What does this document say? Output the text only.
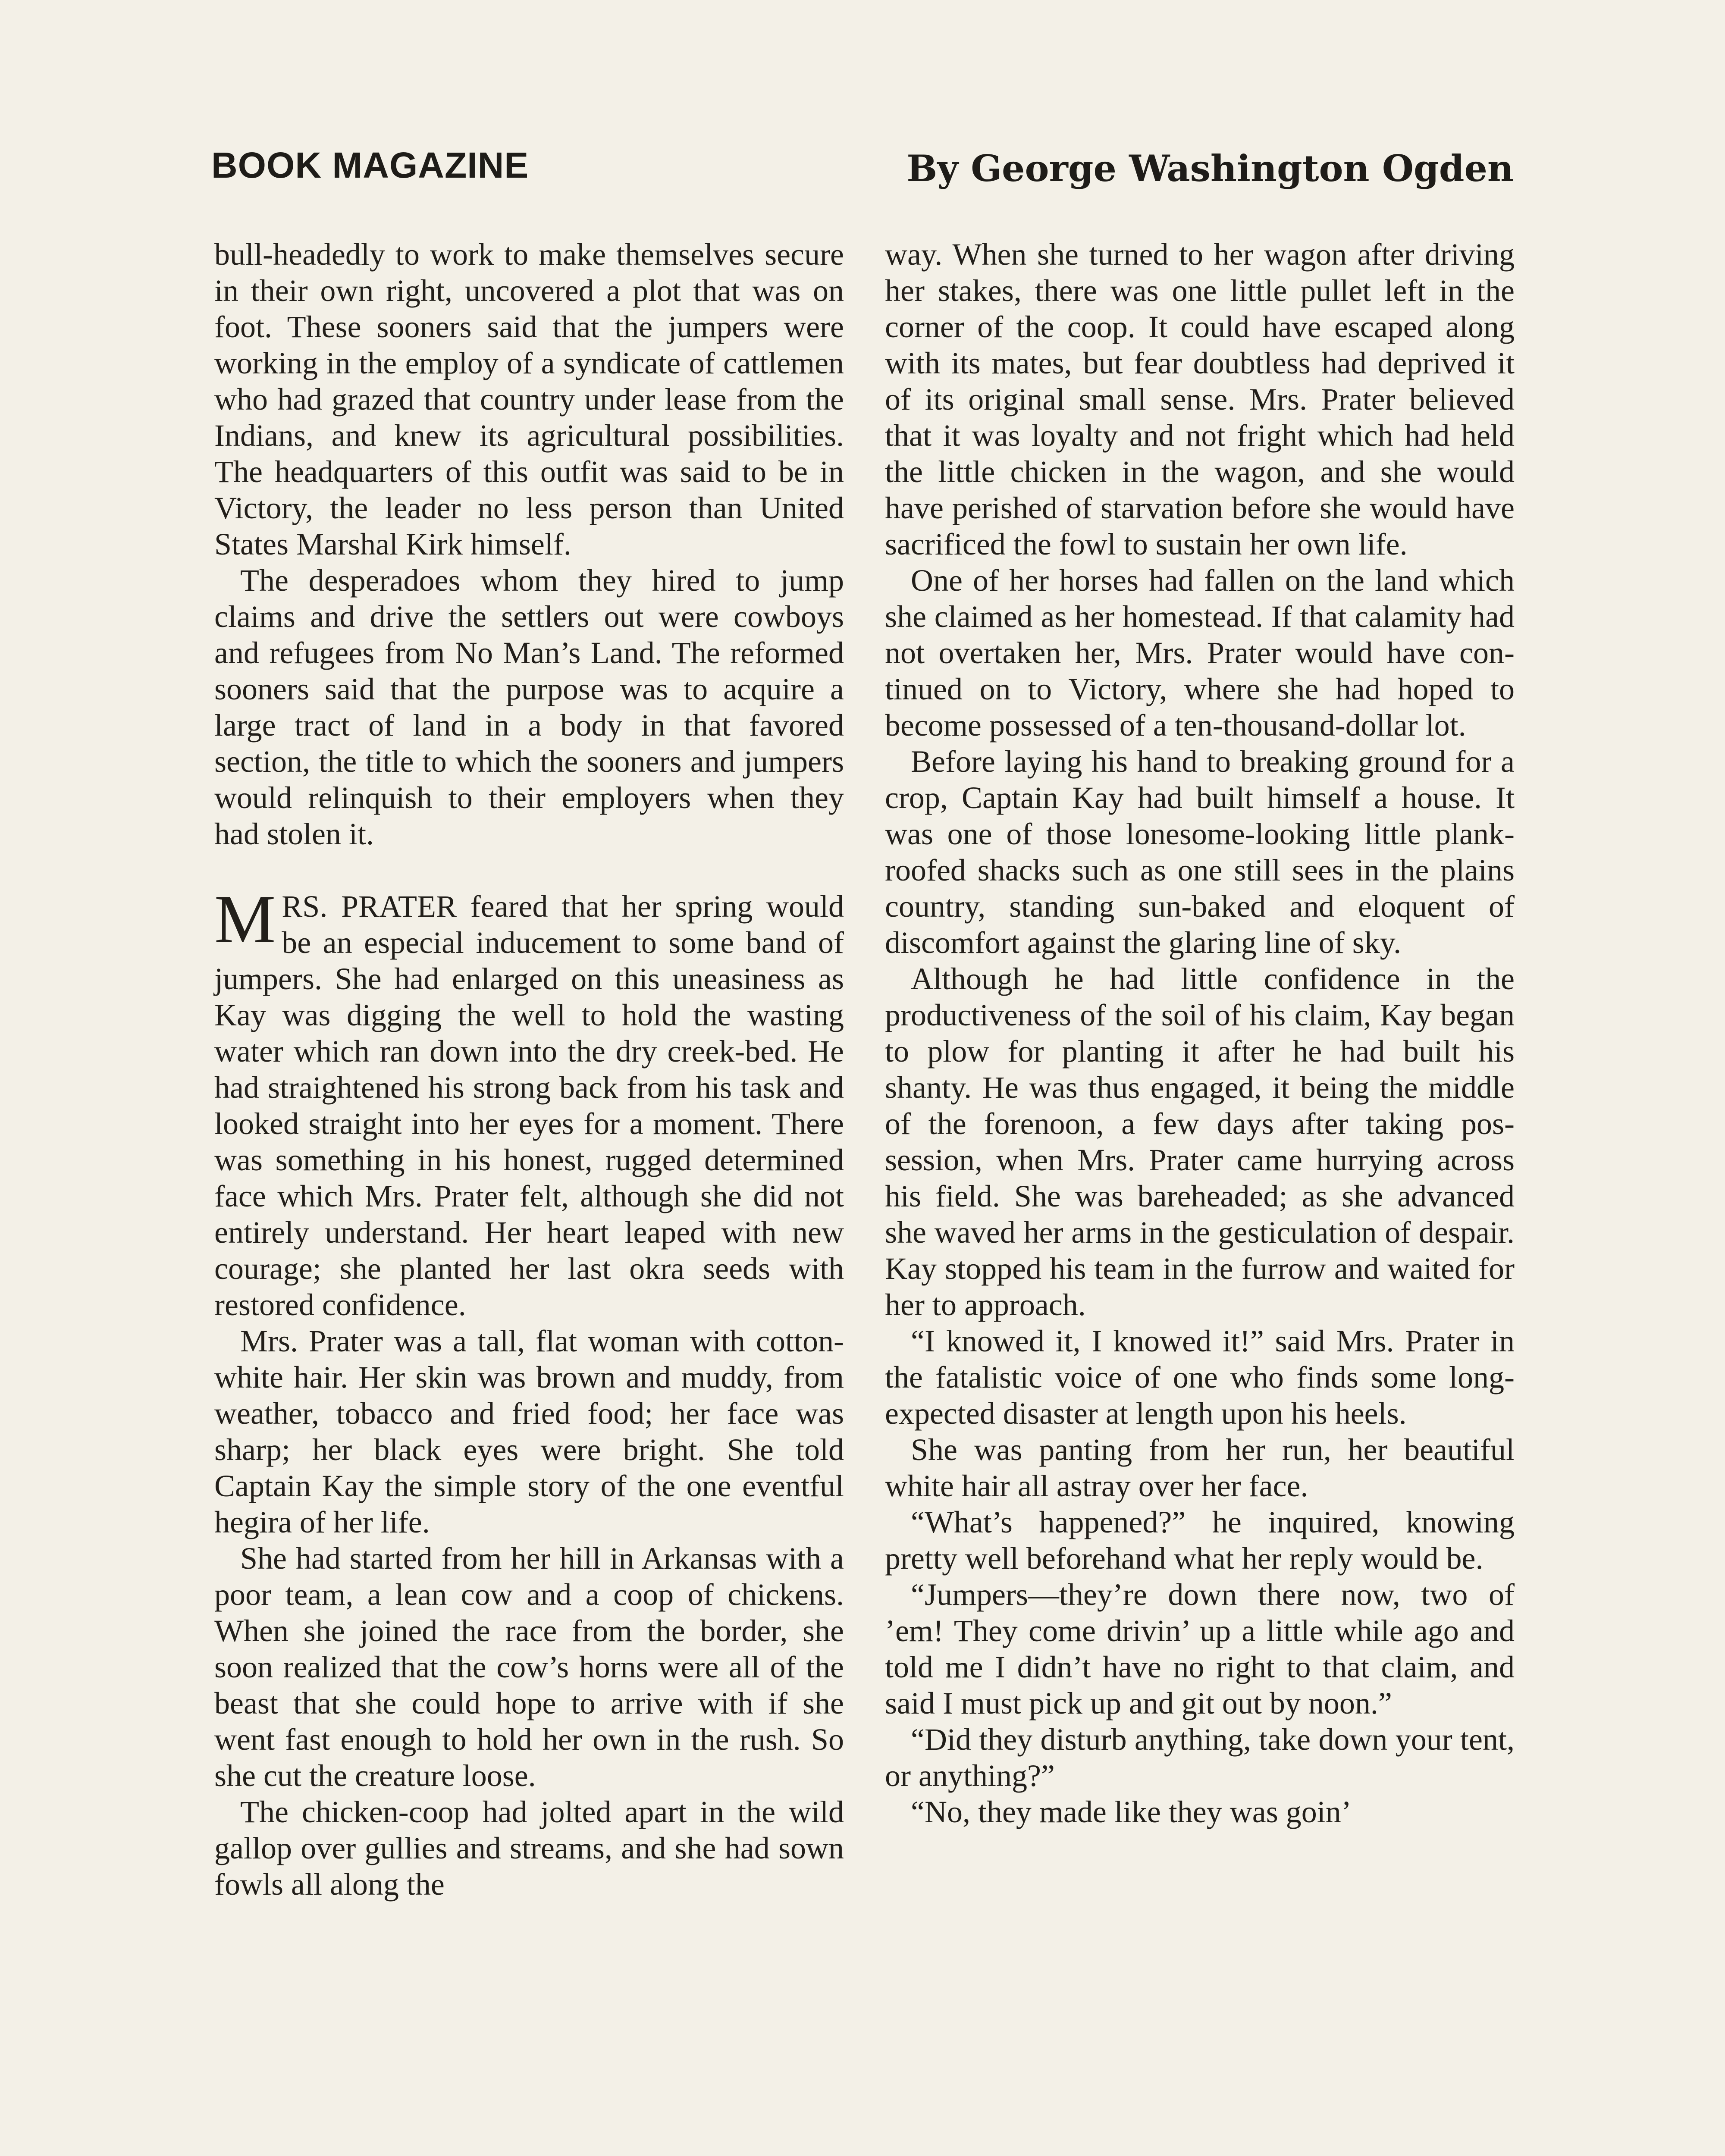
BOOK MAGAZINE	By George Washington Ogden

bull-headedly to work to make themselves secure in their own right, uncovered a plot that was on foot. These sooners said that the jumpers were working in the employ of a syndicate of cattlemen who had grazed that country under lease from the Indians, and knew its agricultural possibilities. The headquarters of this outfit was said to be in Victory, the leader no less person than United States Marshal Kirk himself.

The desperadoes whom they hired to jump claims and drive the settlers out were cowboys and refugees from No Man’s Land. The reformed sooners said that the purpose was to acquire a large tract of land in a body in that favored section, the title to which the sooners and jumpers would relinquish to their employers when they had stolen it.

MRS. PRATER feared that her spring would be an especial inducement to some band of jumpers. She had enlarged on this uneasiness as Kay was digging the well to hold the wasting water which ran down into the dry creek-bed. He had straightened his strong back from his task and looked straight into her eyes for a moment. There was something in his honest, rugged determined face which Mrs. Prater felt, although she did not entirely understand. Her heart leaped with new courage; she planted her last okra seeds with restored confidence.

Mrs. Prater was a tall, flat woman with cotton-white hair. Her skin was brown and muddy, from weather, tobacco and fried food; her face was sharp; her black eyes were bright. She told Captain Kay the simple story of the one eventful hegira of her life.

She had started from her hill in Arkansas with a poor team, a lean cow and a coop of chickens. When she joined the race from the border, she soon realized that the cow’s horns were all of the beast that she could hope to arrive with if she went fast enough to hold her own in the rush. So she cut the creature loose.

The chicken-coop had jolted apart in the wild gallop over gullies and streams, and she had sown fowls all along the

way. When she turned to her wagon after driving her stakes, there was one little pullet left in the corner of the coop. It could have escaped along with its mates, but fear doubtless had deprived it of its original small sense. Mrs. Prater believed that it was loyalty and not fright which had held the little chicken in the wagon, and she would have perished of starvation before she would have sacrificed the fowl to sustain her own life.

One of her horses had fallen on the land which she claimed as her homestead. If that calamity had not overtaken her, Mrs. Prater would have continued on to Victory, where she had hoped to become possessed of a ten-thousand-dollar lot.

Before laying his hand to breaking ground for a crop, Captain Kay had built himself a house. It was one of those lonesome-looking little plank-roofed shacks such as one still sees in the plains country, standing sun-baked and eloquent of discomfort against the glaring line of sky.

Although he had little confidence in the productiveness of the soil of his claim, Kay began to plow for planting it after he had built his shanty. He was thus engaged, it being the middle of the forenoon, a few days after taking possession, when Mrs. Prater came hurrying across his field. She was bareheaded; as she advanced she waved her arms in the gesticulation of despair. Kay stopped his team in the furrow and waited for her to approach.

“I knowed it, I knowed it!” said Mrs. Prater in the fatalistic voice of one who finds some long-expected disaster at length upon his heels.

She was panting from her run, her beautiful white hair all astray over her face.

“What’s happened?” he inquired, knowing pretty well beforehand what her reply would be.

“Jumpers—they’re down there now, two of ’em! They come drivin’ up a little while ago and told me I didn’t have no right to that claim, and said I must pick up and git out by noon.”

“Did they disturb anything, take down your tent, or anything?”

“No, they made like they was goin’
